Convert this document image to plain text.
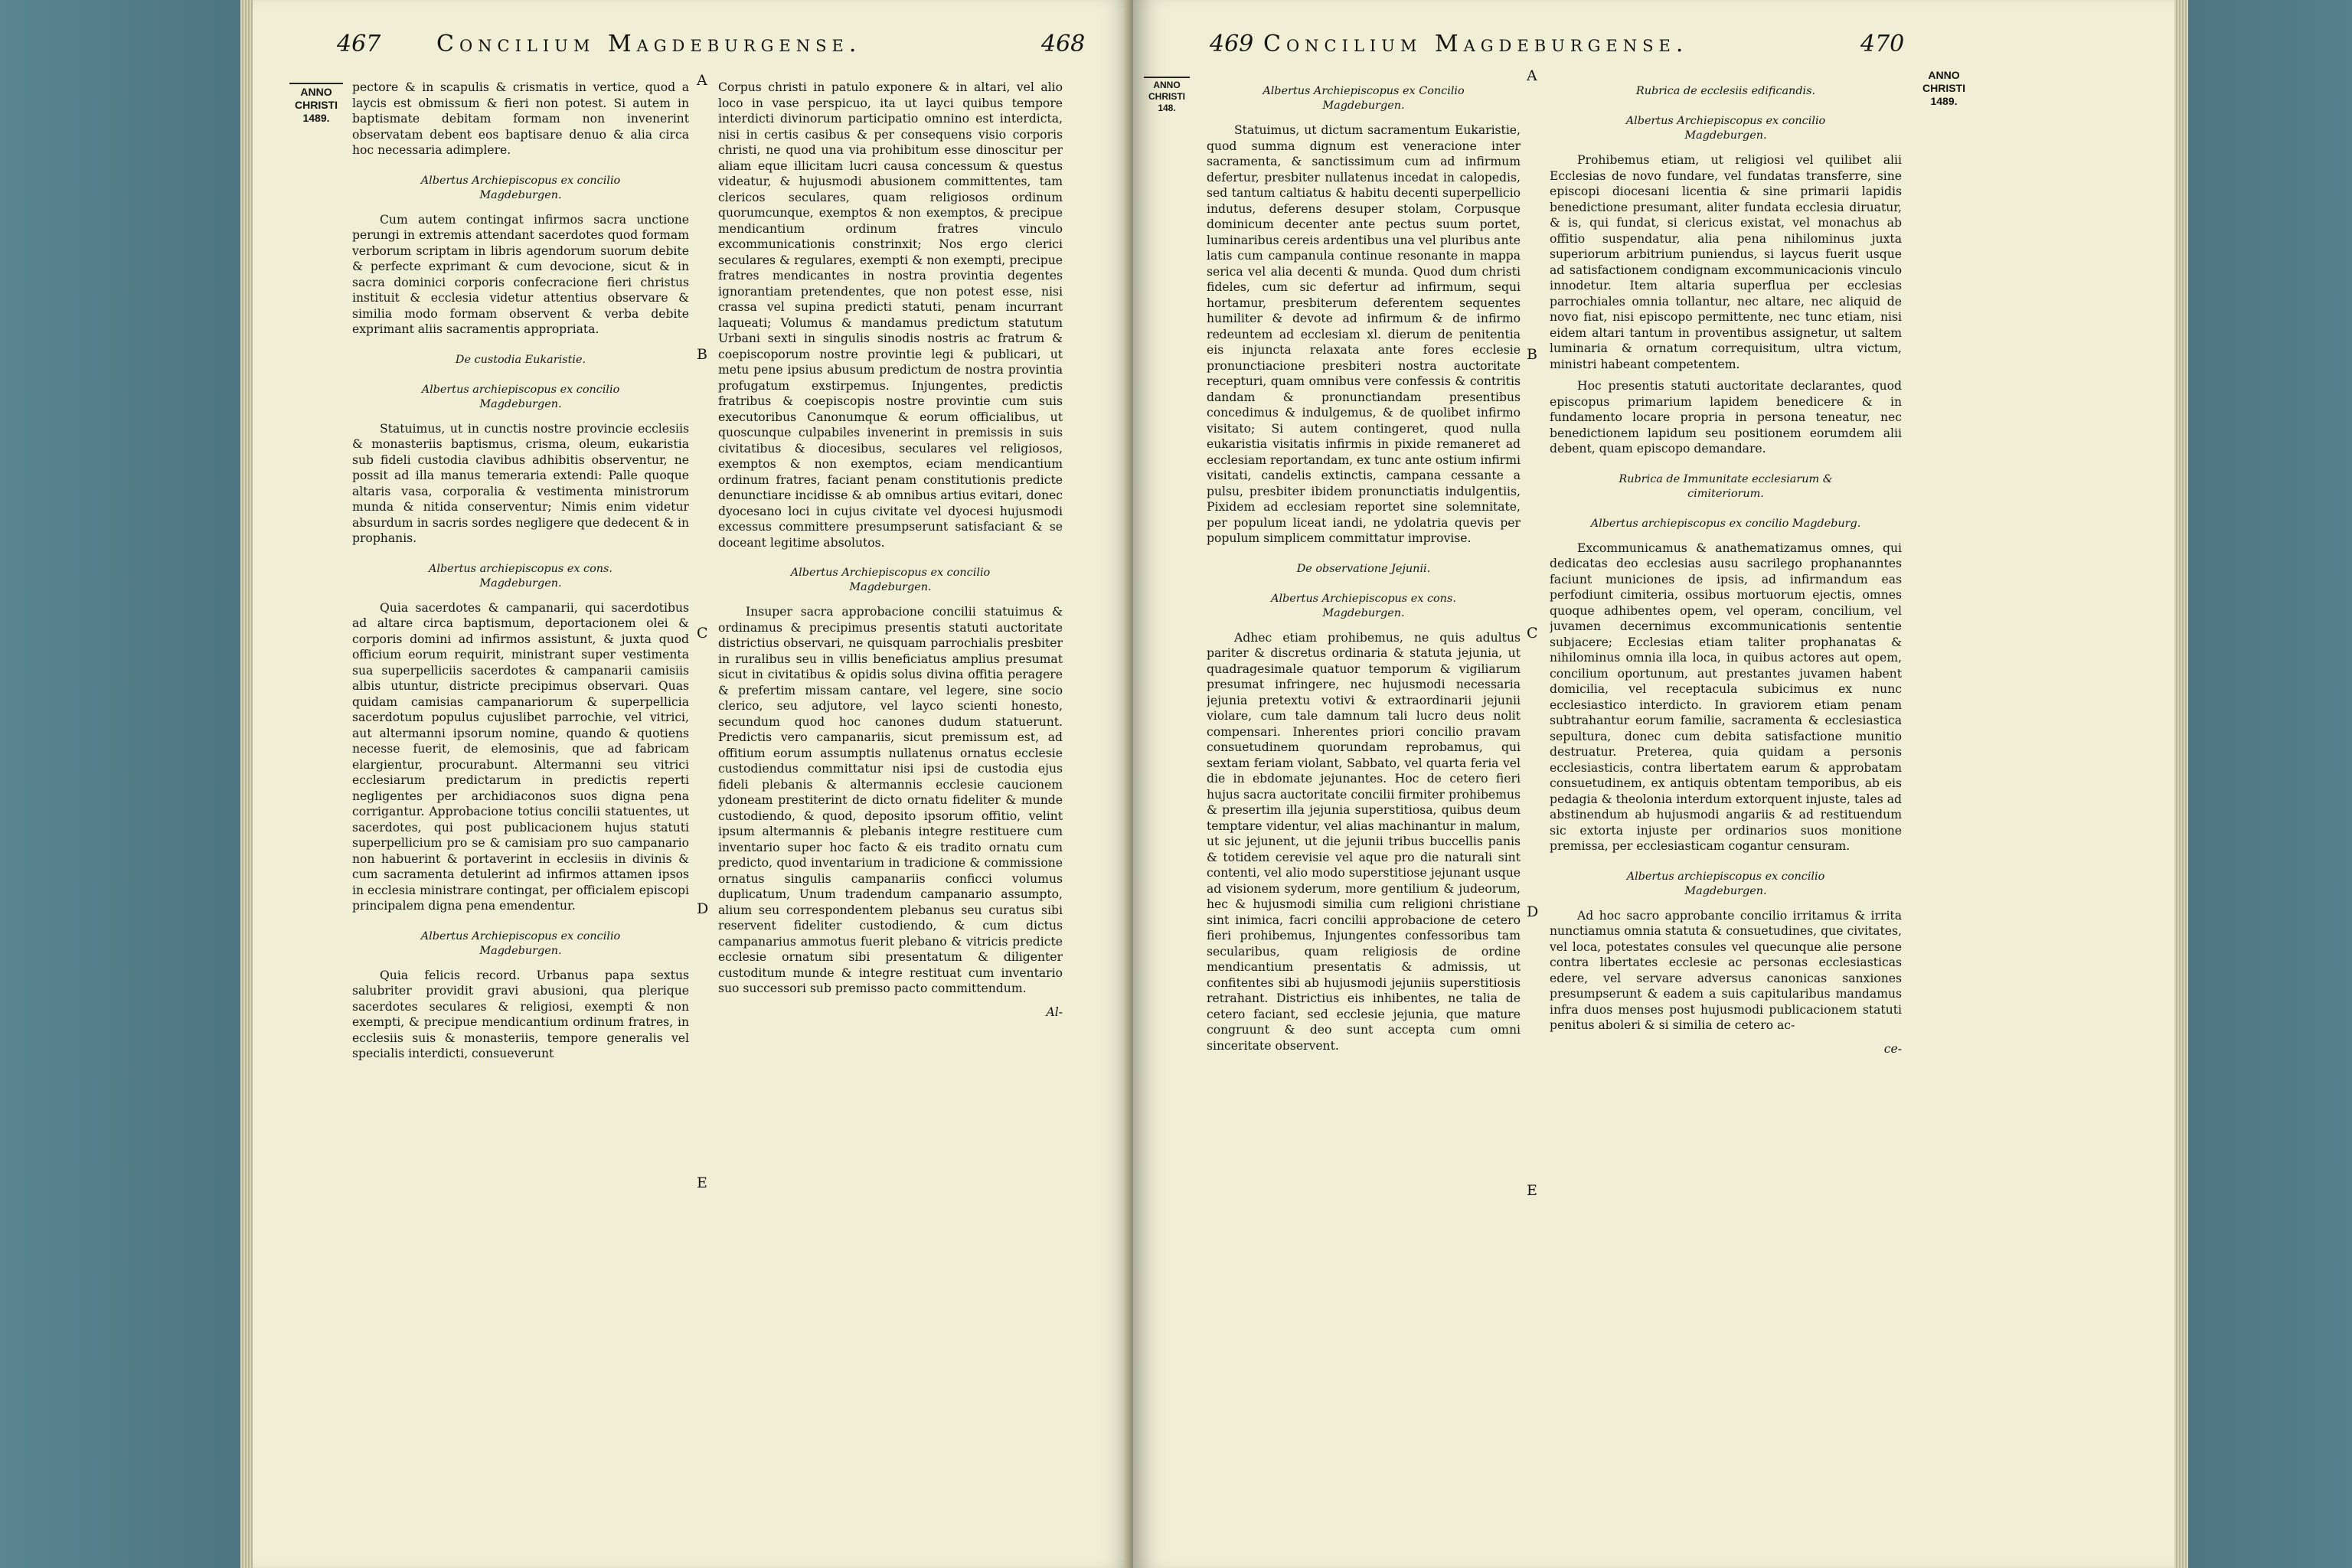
467 Concilium Magdeburgense.	468
ANNO
CHRISTI
1489.
A
B
C
D
E

pectore & in scapulis & crismatis in vertice, quod a laycis est obmissum & fieri non potest. Si autem in baptismate debitam formam non invenerint observatam debent eos baptisare denuo & alia circa hoc necessaria adimplere.

Albertus Archiepiscopus ex concilio Magdeburgen.

Cum autem contingat infirmos sacra unctione perungi in extremis attendant sacerdotes quod formam verborum scriptam in libris agendorum suorum debite & perfecte exprimant & cum devocione, sicut & in sacra dominici corporis confecracione fieri christus instituit & ecclesia videtur attentius observare & similia modo formam observent & verba debite exprimant aliis sacramentis appropriata.

De custodia Eukaristie.
Albertus archiepiscopus ex concilio Magdeburgen.

Statuimus, ut in cunctis nostre provincie ecclesiis & monasteriis baptismus, crisma, oleum, eukaristia sub fideli custodia clavibus adhibitis observentur, ne possit ad illa manus temeraria extendi: Palle quoque altaris vasa, corporalia & vestimenta ministrorum munda & nitida conserventur; Nimis enim videtur absurdum in sacris sordes negligere que dedecent & in prophanis.

Albertus archiepiscopus ex cons. Magdeburgen.

Quia sacerdotes & campanarii, qui sacerdotibus ad altare circa baptismum, deportacionem olei & corporis domini ad infirmos assistunt, & juxta quod officium eorum requirit, ministrant super vestimenta sua superpelliciis sacerdotes & campanarii camisiis albis utuntur, districte precipimus observari. Quas quidam camisias campanariorum & superpellicia sacerdotum populus cujuslibet parrochie, vel vitrici, aut altermanni ipsorum nomine, quando & quotiens necesse fuerit, de elemosinis, que ad fabricam elargientur, procurabunt. Altermanni seu vitrici ecclesiarum predictarum in predictis reperti negligentes per archidiaconos suos digna pena corrigantur. Approbacione totius concilii statuentes, ut sacerdotes, qui post publicacionem hujus statuti superpellicium pro se & camisiam pro suo campanario non habuerint & portaverint in ecclesiis in divinis & cum sacramenta detulerint ad infirmos attamen ipsos in ecclesia ministrare contingat, per officialem episcopi principalem digna pena emendentur.

Albertus Archiepiscopus ex concilio Magdeburgen.

Quia felicis record. Urbanus papa sextus salubriter providit gravi abusioni, qua plerique sacerdotes seculares & religiosi, exempti & non exempti, & precipue mendicantium ordinum fratres, in ecclesiis suis & monasteriis, tempore generalis vel specialis interdicti, consueverunt

Corpus christi in patulo exponere & in altari, vel alio loco in vase perspicuo, ita ut layci quibus tempore interdicti divinorum participatio omnino est interdicta, nisi in certis casibus & per consequens visio corporis christi, ne quod una via prohibitum esse dinoscitur per aliam eque illicitam lucri causa concessum & questus videatur, & hujusmodi abusionem committentes, tam clericos seculares, quam religiosos ordinum quorumcunque, exemptos & non exemptos, & precipue mendicantium ordinum fratres vinculo excommunicationis constrinxit; Nos ergo clerici seculares & regulares, exempti & non exempti, precipue fratres mendicantes in nostra provintia degentes ignorantiam pretendentes, que non potest esse, nisi crassa vel supina predicti statuti, penam incurrant laqueati; Volumus & mandamus predictum statutum Urbani sexti in singulis sinodis nostris ac fratrum & coepiscoporum nostre provintie legi & publicari, ut metu pene ipsius abusum predictum de nostra provintia profugatum exstirpemus. Injungentes, predictis fratribus & coepiscopis nostre provintie cum suis executoribus Canonumque & eorum officialibus, ut quoscunque culpabiles invenerint in premissis in suis civitatibus & diocesibus, seculares vel religiosos, exemptos & non exemptos, eciam mendicantium ordinum fratres, faciant penam constitutionis predicte denunctiare incidisse & ab omnibus artius evitari, donec dyocesano loci in cujus civitate vel dyocesi hujusmodi excessus committere presumpserunt satisfaciant & se doceant legitime absolutos.

Albertus Archiepiscopus ex concilio Magdeburgen.

Insuper sacra approbacione concilii statuimus & ordinamus & precipimus presentis statuti auctoritate districtius observari, ne quisquam parrochialis presbiter in ruralibus seu in villis beneficiatus amplius presumat sicut in civitatibus & opidis solus divina offitia peragere & prefertim missam cantare, vel legere, sine socio clerico, seu adjutore, vel layco scienti honesto, secundum quod hoc canones dudum statuerunt. Predictis vero campanariis, sicut premissum est, ad offitium eorum assumptis nullatenus ornatus ecclesie custodiendus committatur nisi ipsi de custodia ejus fideli plebanis & altermannis ecclesie caucionem ydoneam prestiterint de dicto ornatu fideliter & munde custodiendo, & quod, deposito ipsorum offitio, velint ipsum altermannis & plebanis integre restituere cum inventario super hoc facto & eis tradito ornatu cum predicto, quod inventarium in tradicione & commissione ornatus singulis campanariis conficci volumus duplicatum, Unum tradendum campanario assumpto, alium seu correspondentem plebanus seu curatus sibi reservent fideliter custodiendo, & cum dictus campanarius ammotus fuerit plebano & vitricis predicte ecclesie ornatum sibi presentatum & diligenter custoditum munde & integre restituat cum inventario suo successori sub premisso pacto committendum.

Al-
469 Concilium Magdeburgense.	470
ANNO
CHRISTI
148.
ANNO
CHRISTI
1489.
A
B
C
D
E
Albertus Archiepiscopus ex Concilio Magdeburgen.

Statuimus, ut dictum sacramentum Eukaristie, quod summa dignum est veneracione inter sacramenta, & sanctissimum cum ad infirmum defertur, presbiter nullatenus incedat in calopedis, sed tantum caltiatus & habitu decenti superpellicio indutus, deferens desuper stolam, Corpusque dominicum decenter ante pectus suum portet, luminaribus cereis ardentibus una vel pluribus ante latis cum campanula continue resonante in mappa serica vel alia decenti & munda. Quod dum christi fideles, cum sic defertur ad infirmum, sequi hortamur, presbiterum deferentem sequentes humiliter & devote ad infirmum & de infirmo redeuntem ad ecclesiam xl. dierum de penitentia eis injuncta relaxata ante fores ecclesie pronunctiacione presbiteri nostra auctoritate recepturi, quam omnibus vere confessis & contritis dandam & pronunctiandam presentibus concedimus & indulgemus, & de quolibet infirmo visitato; Si autem contingeret, quod nulla eukaristia visitatis infirmis in pixide remaneret ad ecclesiam reportandam, ex tunc ante ostium infirmi visitati, candelis extinctis, campana cessante a pulsu, presbiter ibidem pronunctiatis indulgentiis, Pixidem ad ecclesiam reportet sine solemnitate, per populum liceat iandi, ne ydolatria quevis per populum simplicem committatur improvise.

De observatione Jejunii.
Albertus Archiepiscopus ex cons. Magdeburgen.

Adhec etiam prohibemus, ne quis adultus pariter & discretus ordinaria & statuta jejunia, ut quadragesimale quatuor temporum & vigiliarum presumat infringere, nec hujusmodi necessaria jejunia pretextu votivi & extraordinarii jejunii violare, cum tale damnum tali lucro deus nolit compensari. Inherentes priori concilio pravam consuetudinem quorundam reprobamus, qui sextam feriam violant, Sabbato, vel quarta feria vel die in ebdomate jejunantes. Hoc de cetero fieri hujus sacra auctoritate concilii firmiter prohibemus & presertim illa jejunia superstitiosa, quibus deum temptare videntur, vel alias machinantur in malum, ut sic jejunent, ut die jejunii tribus buccellis panis & totidem cerevisie vel aque pro die naturali sint contenti, vel alio modo superstitiose jejunant usque ad visionem syderum, more gentilium & judeorum, hec & hujusmodi similia cum religioni christiane sint inimica, facri concilii approbacione de cetero fieri prohibemus, Injungentes confessoribus tam secularibus, quam religiosis de ordine mendicantium presentatis & admissis, ut confitentes sibi ab hujusmodi jejuniis superstitiosis retrahant. Districtius eis inhibentes, ne talia de cetero faciant, sed ecclesie jejunia, que mature congruunt & deo sunt accepta cum omni sinceritate observent.

Rubrica de ecclesiis edificandis.
Albertus Archiepiscopus ex concilio Magdeburgen.

Prohibemus etiam, ut religiosi vel quilibet alii Ecclesias de novo fundare, vel fundatas transferre, sine episcopi diocesani licentia & sine primarii lapidis benedictione presumant, aliter fundata ecclesia diruatur, & is, qui fundat, si clericus existat, vel monachus ab offitio suspendatur, alia pena nihilominus juxta superiorum arbitrium puniendus, si laycus fuerit usque ad satisfactionem condignam excommunicacionis vinculo innodetur. Item altaria superflua per ecclesias parrochiales omnia tollantur, nec altare, nec aliquid de novo fiat, nisi episcopo permittente, nec tunc etiam, nisi eidem altari tantum in proventibus assignetur, ut saltem luminaria & ornatum correquisitum, ultra victum, ministri habeant competentem.

Hoc presentis statuti auctoritate declarantes, quod episcopus primarium lapidem benedicere & in fundamento locare propria in persona teneatur, nec benedictionem lapidum seu positionem eorumdem alii debent, quam episcopo demandare.

Rubrica de Immunitate ecclesiarum & cimiteriorum.
Albertus archiepiscopus ex concilio Magdeburg.

Excommunicamus & anathematizamus omnes, qui dedicatas deo ecclesias ausu sacrilego prophananntes faciunt municiones de ipsis, ad infirmandum eas perfodiunt cimiteria, ossibus mortuorum ejectis, omnes quoque adhibentes opem, vel operam, concilium, vel juvamen decernimus excommunicationis sententie subjacere; Ecclesias etiam taliter prophanatas & nihilominus omnia illa loca, in quibus actores aut opem, concilium oportunum, aut prestantes juvamen habent domicilia, vel receptacula subicimus ex nunc ecclesiastico interdicto. In graviorem etiam penam subtrahantur eorum familie, sacramenta & ecclesiastica sepultura, donec cum debita satisfactione munitio destruatur. Preterea, quia quidam a personis ecclesiasticis, contra libertatem earum & approbatam consuetudinem, ex antiquis obtentam temporibus, ab eis pedagia & theolonia interdum extorquent injuste, tales ad abstinendum ab hujusmodi angariis & ad restituendum sic extorta injuste per ordinarios suos monitione premissa, per ecclesiasticam cogantur censuram.

Albertus archiepiscopus ex concilio Magdeburgen.

Ad hoc sacro approbante concilio irritamus & irrita nunctiamus omnia statuta & consuetudines, que civitates, vel loca, potestates consules vel quecunque alie persone contra libertates ecclesie ac personas ecclesiasticas edere, vel servare adversus canonicas sanxiones presumpserunt & eadem a suis capitularibus mandamus infra duos menses post hujusmodi publicacionem statuti penitus aboleri & si similia de cetero ac-

ce-
